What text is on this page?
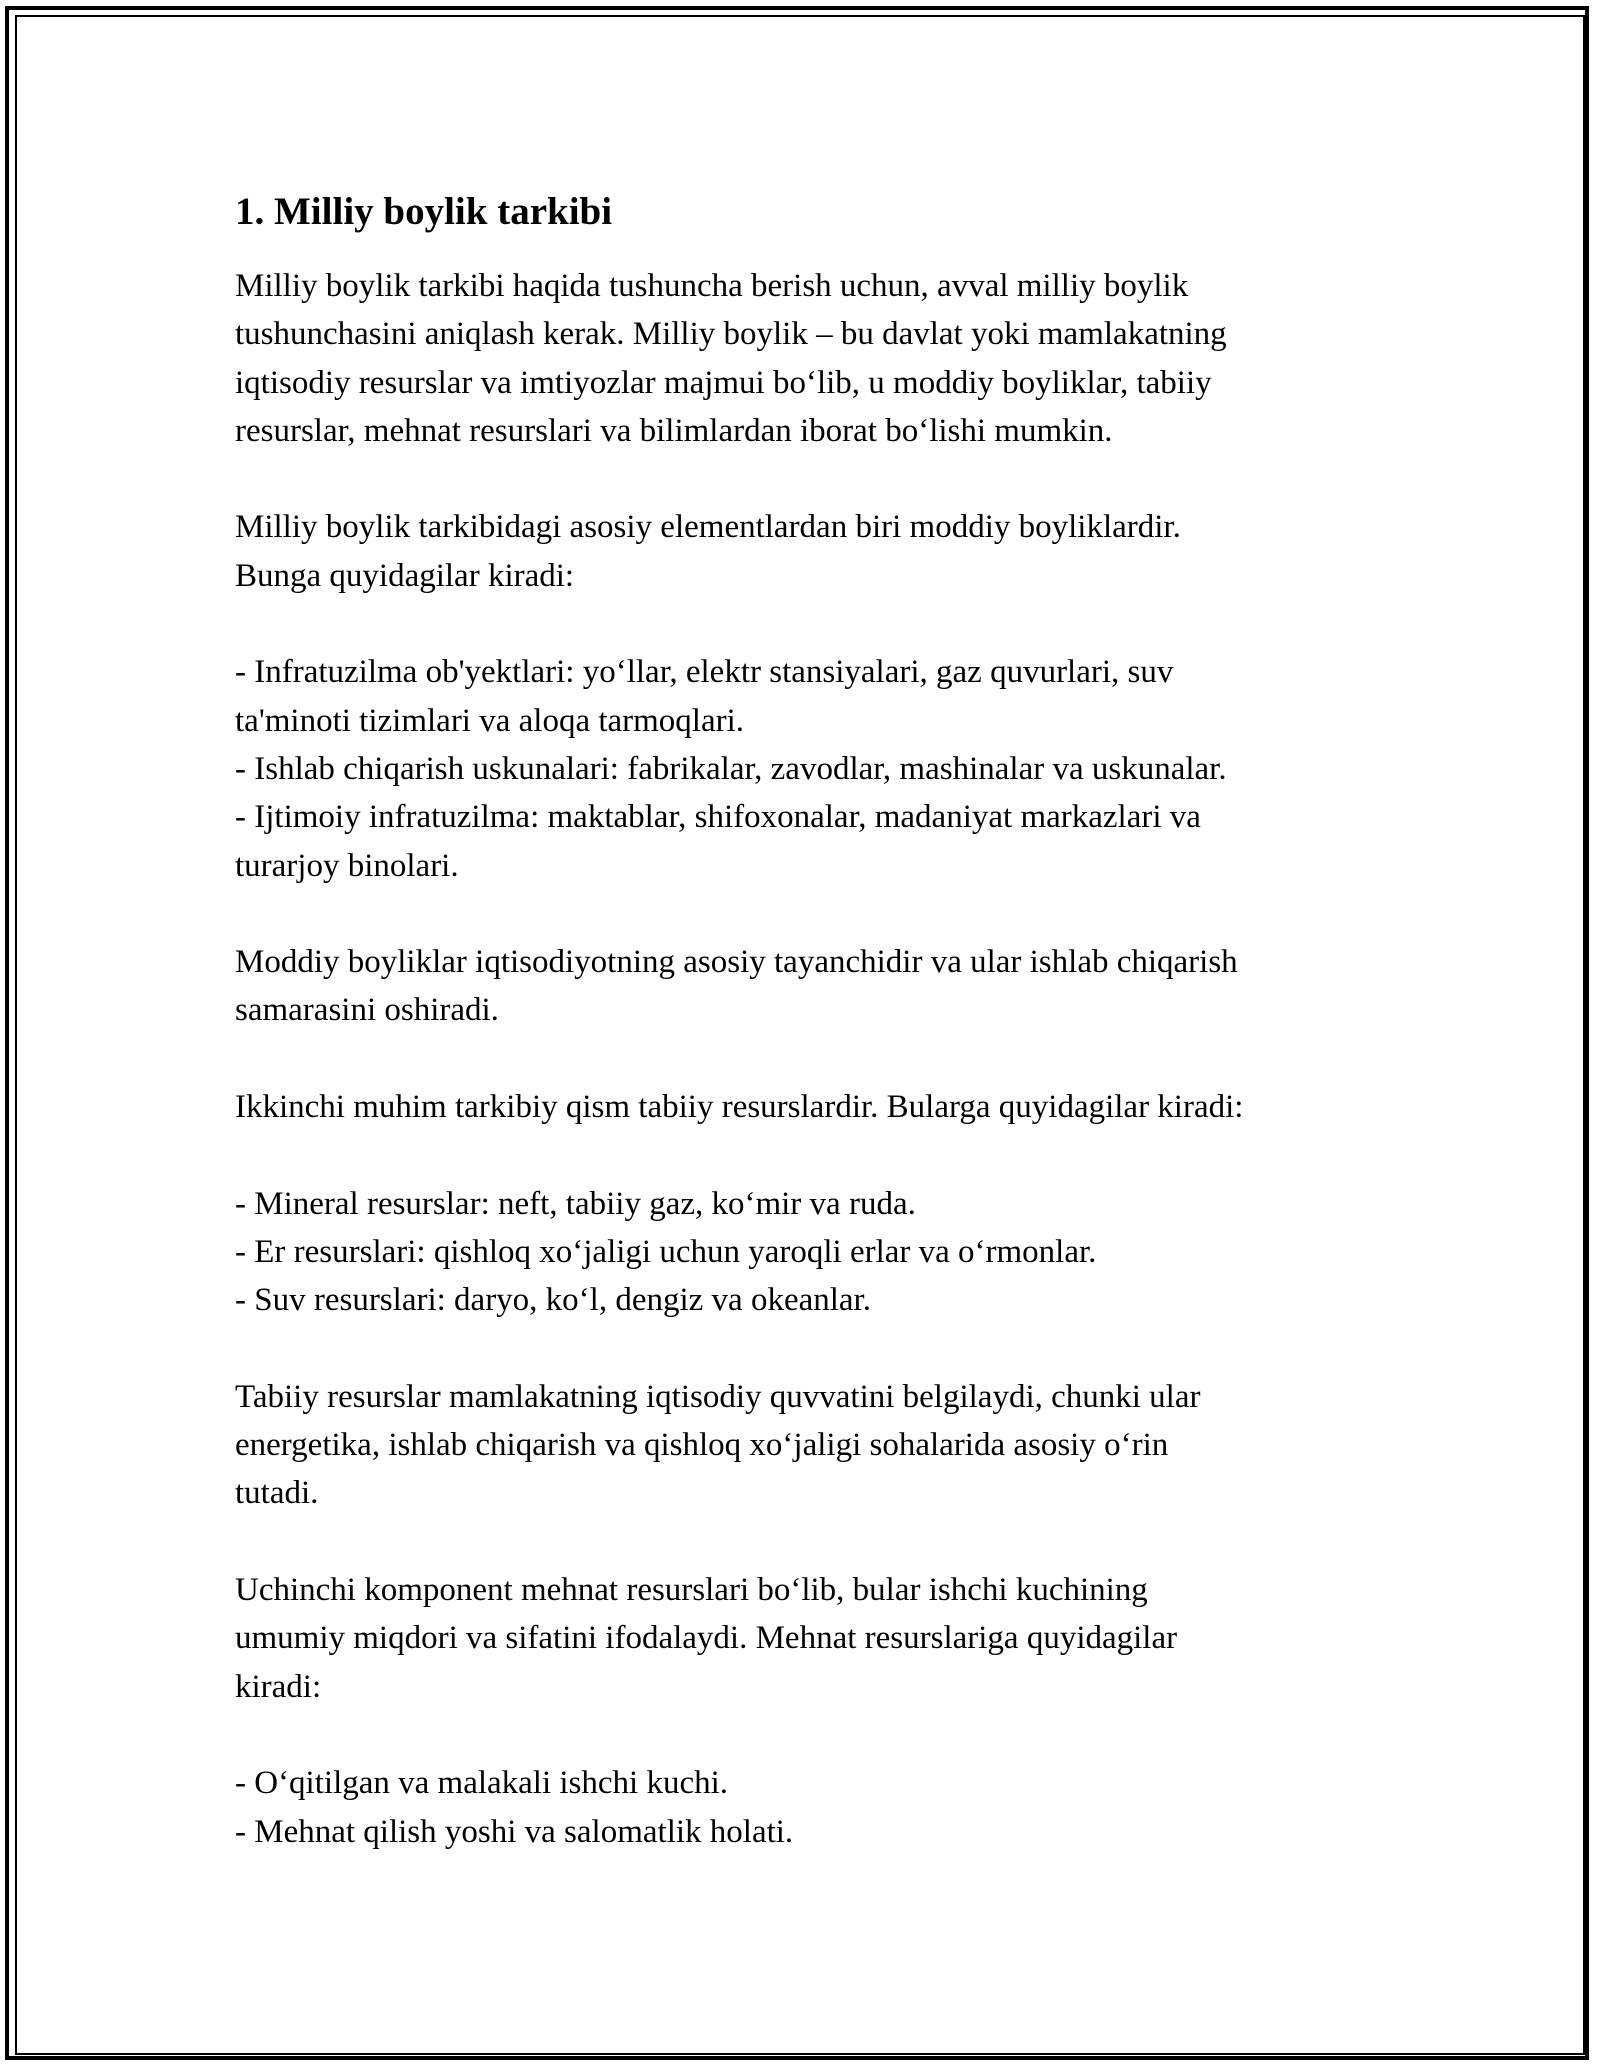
1. Milliy boylik tarkibi

Milliy boylik tarkibi haqida tushuncha berish uchun, avval milliy boylik
tushunchasini aniqlash kerak. Milliy boylik – bu davlat yoki mamlakatning
iqtisodiy resurslar va imtiyozlar majmui bo‘lib, u moddiy boyliklar, tabiiy
resurslar, mehnat resurslari va bilimlardan iborat bo‘lishi mumkin.

Milliy boylik tarkibidagi asosiy elementlardan biri moddiy boyliklardir.
Bunga quyidagilar kiradi:

- Infratuzilma ob'yektlari: yo‘llar, elektr stansiyalari, gaz quvurlari, suv
ta'minoti tizimlari va aloqa tarmoqlari.
- Ishlab chiqarish uskunalari: fabrikalar, zavodlar, mashinalar va uskunalar.
- Ijtimoiy infratuzilma: maktablar, shifoxonalar, madaniyat markazlari va
turarjoy binolari.

Moddiy boyliklar iqtisodiyotning asosiy tayanchidir va ular ishlab chiqarish
samarasini oshiradi.

Ikkinchi muhim tarkibiy qism tabiiy resurslardir. Bularga quyidagilar kiradi:

- Mineral resurslar: neft, tabiiy gaz, ko‘mir va ruda.
- Er resurslari: qishloq xo‘jaligi uchun yaroqli erlar va o‘rmonlar.
- Suv resurslari: daryo, ko‘l, dengiz va okeanlar.

Tabiiy resurslar mamlakatning iqtisodiy quvvatini belgilaydi, chunki ular
energetika, ishlab chiqarish va qishloq xo‘jaligi sohalarida asosiy o‘rin
tutadi.

Uchinchi komponent mehnat resurslari bo‘lib, bular ishchi kuchining
umumiy miqdori va sifatini ifodalaydi. Mehnat resurslariga quyidagilar
kiradi:

- O‘qitilgan va malakali ishchi kuchi.
- Mehnat qilish yoshi va salomatlik holati.
